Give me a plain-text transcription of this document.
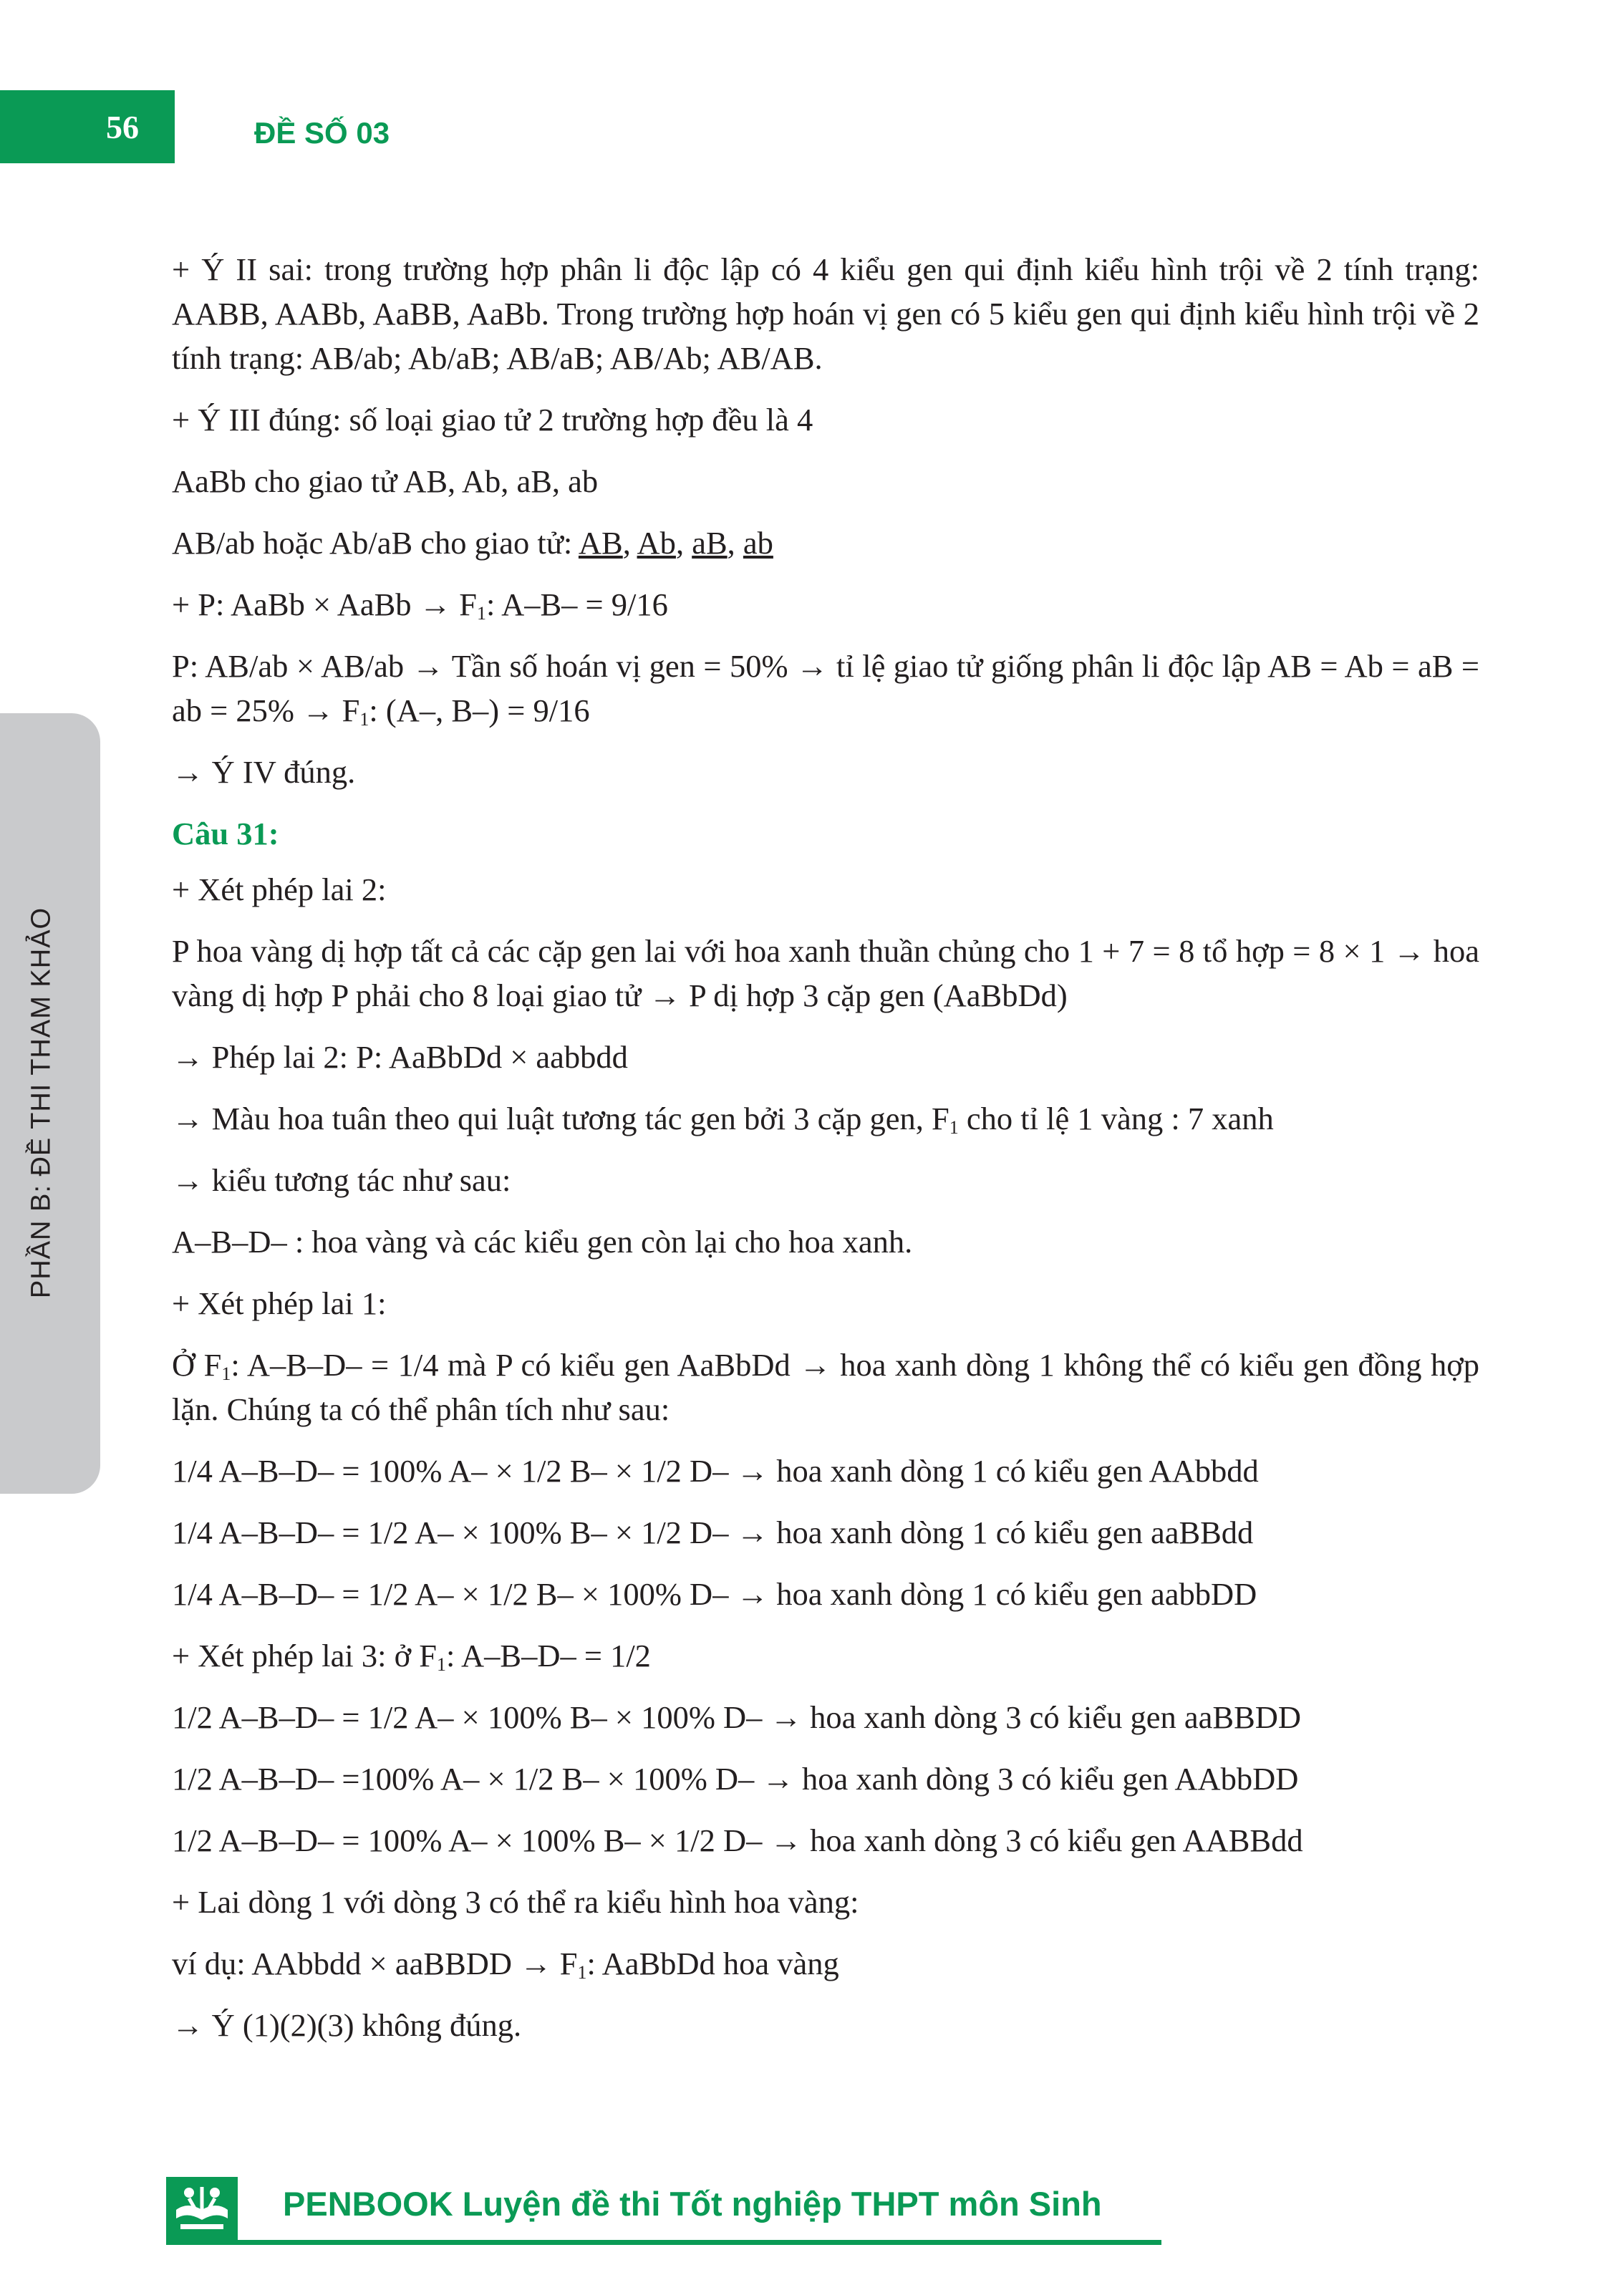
56	ĐỀ SỐ 03
PHẦN B: ĐỀ THI THAM KHẢO

+ Ý II sai: trong trường hợp phân li độc lập có 4 kiểu gen qui định kiểu hình trội về 2 tính trạng: AABB, AABb, AaBB, AaBb. Trong trường hợp hoán vị gen có 5 kiểu gen qui định kiểu hình trội về 2 tính trạng: AB/ab; Ab/aB; AB/aB; AB/Ab; AB/AB.

+ Ý III đúng: số loại giao tử 2 trường hợp đều là 4

AaBb cho giao tử AB, Ab, aB, ab

AB/ab hoặc Ab/aB cho giao tử: AB, Ab, aB, ab

+ P: AaBb × AaBb → $F_1$: A–B– = 9/16

P: AB/ab × AB/ab → Tần số hoán vị gen = 50% → tỉ lệ giao tử giống phân li độc lập AB = Ab = aB = ab = $25\% \to F_1$: (A–, B–) = 9/16

→ Ý IV đúng.

Câu 31:

+ Xét phép lai 2:

P hoa vàng dị hợp tất cả các cặp gen lai với hoa xanh thuần chủng cho 1 + 7 = 8 tổ hợp = 8 × 1 → hoa vàng dị hợp P phải cho 8 loại giao tử → P dị hợp 3 cặp gen (AaBbDd)

→ Phép lai 2: P: AaBbDd × aabbdd

→ Màu hoa tuân theo qui luật tương tác gen bởi 3 cặp gen, $F_1$ cho tỉ lệ 1 vàng : 7 xanh

→ kiểu tương tác như sau:

A–B–D– : hoa vàng và các kiểu gen còn lại cho hoa xanh.

+ Xét phép lai 1:

Ở $F_1$: A–B–D– = 1/4 mà P có kiểu gen AaBbDd → hoa xanh dòng 1 không thể có kiểu gen đồng hợp lặn. Chúng ta có thể phân tích như sau:

1/4 A–B–D– = 100% A– × 1/2 B– × 1/2 D– → hoa xanh dòng 1 có kiểu gen AAbbdd

1/4 A–B–D– = 1/2 A– × 100% B– × 1/2 D– → hoa xanh dòng 1 có kiểu gen aaBBdd

1/4 A–B–D– = 1/2 A– × 1/2 B– × 100% D– → hoa xanh dòng 1 có kiểu gen aabbDD

+ Xét phép lai 3: ở $F_1$: A–B–D– = 1/2

1/2 A–B–D– = 1/2 A– × 100% B– × 100% D– → hoa xanh dòng 3 có kiểu gen aaBBDD

1/2 A–B–D– =100% A– × 1/2 B– × 100% D– → hoa xanh dòng 3 có kiểu gen AAbbDD

1/2 A–B–D– = 100% A– × 100% B– × 1/2 D– → hoa xanh dòng 3 có kiểu gen AABBdd

+ Lai dòng 1 với dòng 3 có thể ra kiểu hình hoa vàng:

ví dụ: AAbbdd × aaBBDD → $F_1$: AaBbDd hoa vàng

→ Ý (1)(2)(3) không đúng.

PENBOOK Luyện đề thi Tốt nghiệp THPT môn Sinh
